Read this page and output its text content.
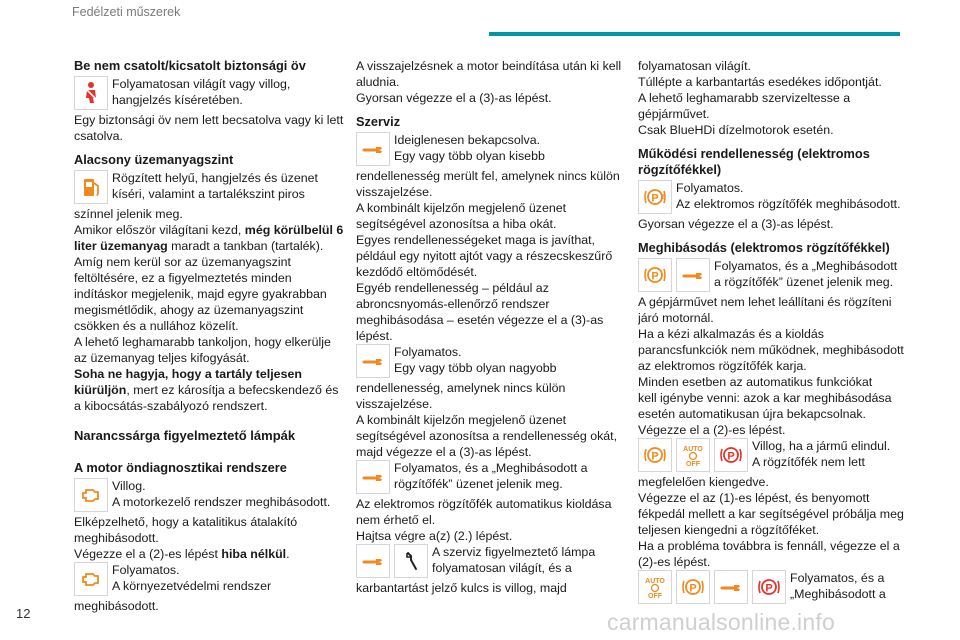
Fedélzeti műszerek
Be nem csatolt/kicsatolt biztonsági öv

Folyamatosan világít vagy villog,

hangjelzés kíséretében.

Egy biztonsági öv nem lett becsatolva vagy ki lett

csatolva.

Alacsony üzemanyagszint

Rögzített helyű, hangjelzés és üzenet

kíséri, valamint a tartalékszint piros

színnel jelenik meg.

Amikor először világítani kezd, még körülbelül 6

liter üzemanyag maradt a tankban (tartalék).

Amíg nem kerül sor az üzemanyagszint

feltöltésére, ez a figyelmeztetés minden

indításkor megjelenik, majd egyre gyakrabban

megismétlődik, ahogy az üzemanyagszint

csökken és a nullához közelít.

A lehető leghamarabb tankoljon, hogy elkerülje

az üzemanyag teljes kifogyását.

Soha ne hagyja, hogy a tartály teljesen

kiürüljön, mert ez károsítja a befecskendező és

a kibocsátás-szabályozó rendszert.

Narancssárga figyelmeztető lámpák
A motor öndiagnosztikai rendszere

Villog.

A motorkezelő rendszer meghibásodott.

Elképzelhető, hogy a katalitikus átalakító

meghibásodott.

Végezze el a (2)-es lépést hiba nélkül.

Folyamatos.

A környezetvédelmi rendszer

meghibásodott.

A visszajelzésnek a motor beindítása után ki kell

aludnia.

Gyorsan végezze el a (3)-as lépést.

Szerviz

Ideiglenesen bekapcsolva.

Egy vagy több olyan kisebb

rendellenesség merült fel, amelynek nincs külön

visszajelzése.

A kombinált kijelzőn megjelenő üzenet

segítségével azonosítsa a hiba okát.

Egyes rendellenességeket maga is javíthat,

például egy nyitott ajtót vagy a részecskeszűrő

kezdődő eltömődését.

Egyéb rendellenesség – például az

abroncsnyomás-ellenőrző rendszer

meghibásodása – esetén végezze el a (3)-as

lépést.

Folyamatos.

Egy vagy több olyan nagyobb

rendellenesség, amelynek nincs külön

visszajelzése.

A kombinált kijelzőn megjelenő üzenet

segítségével azonosítsa a rendellenesség okát,

majd végezze el a (3)-as lépést.

Folyamatos, és a „Meghibásodott a

rögzítőfék” üzenet jelenik meg.

Az elektromos rögzítőfék automatikus kioldása

nem érhető el.

Hajtsa végre a(z) (2.) lépést.

A szerviz figyelmeztető lámpa

folyamatosan világít, és a

karbantartást jelző kulcs is villog, majd

folyamatosan világít.

Túllépte a karbantartás esedékes időpontját.

A lehető leghamarabb szervizeltesse a

gépjárművet.

Csak BlueHDi dízelmotorok esetén.

Működési rendellenesség (elektromos
rögzítőfékkel)
P !

Folyamatos.

Az elektromos rögzítőfék meghibásodott.

Gyorsan végezze el a (3)-as lépést.

Meghibásodás (elektromos rögzítőfékkel)
P

Folyamatos, és a „Meghibásodott

a rögzítőfék” üzenet jelenik meg.

A gépjárművet nem lehet leállítani és rögzíteni

járó motornál.

Ha a kézi alkalmazás és a kioldás

parancsfunkciók nem működnek, meghibásodott

az elektromos rögzítőfék karja.

Minden esetben az automatikus funkciókat

kell igénybe venni: azok a kar meghibásodása

esetén automatikusan újra bekapcsolnak.

Végezze el a (2)-es lépést.

P
AUTO
OFF
P

Villog, ha a jármű elindul.

A rögzítőfék nem lett

megfelelően kiengedve.

Végezze el az (1)-es lépést, és benyomott

fékpedál mellett a kar segítségével próbálja meg

teljesen kiengedni a rögzítőféket.

Ha a probléma továbbra is fennáll, végezze el a

(2)-es lépést.

AUTO
OFF
P	P

Folyamatos, és a

„Meghibásodott a

12	carmanualsonline.info
